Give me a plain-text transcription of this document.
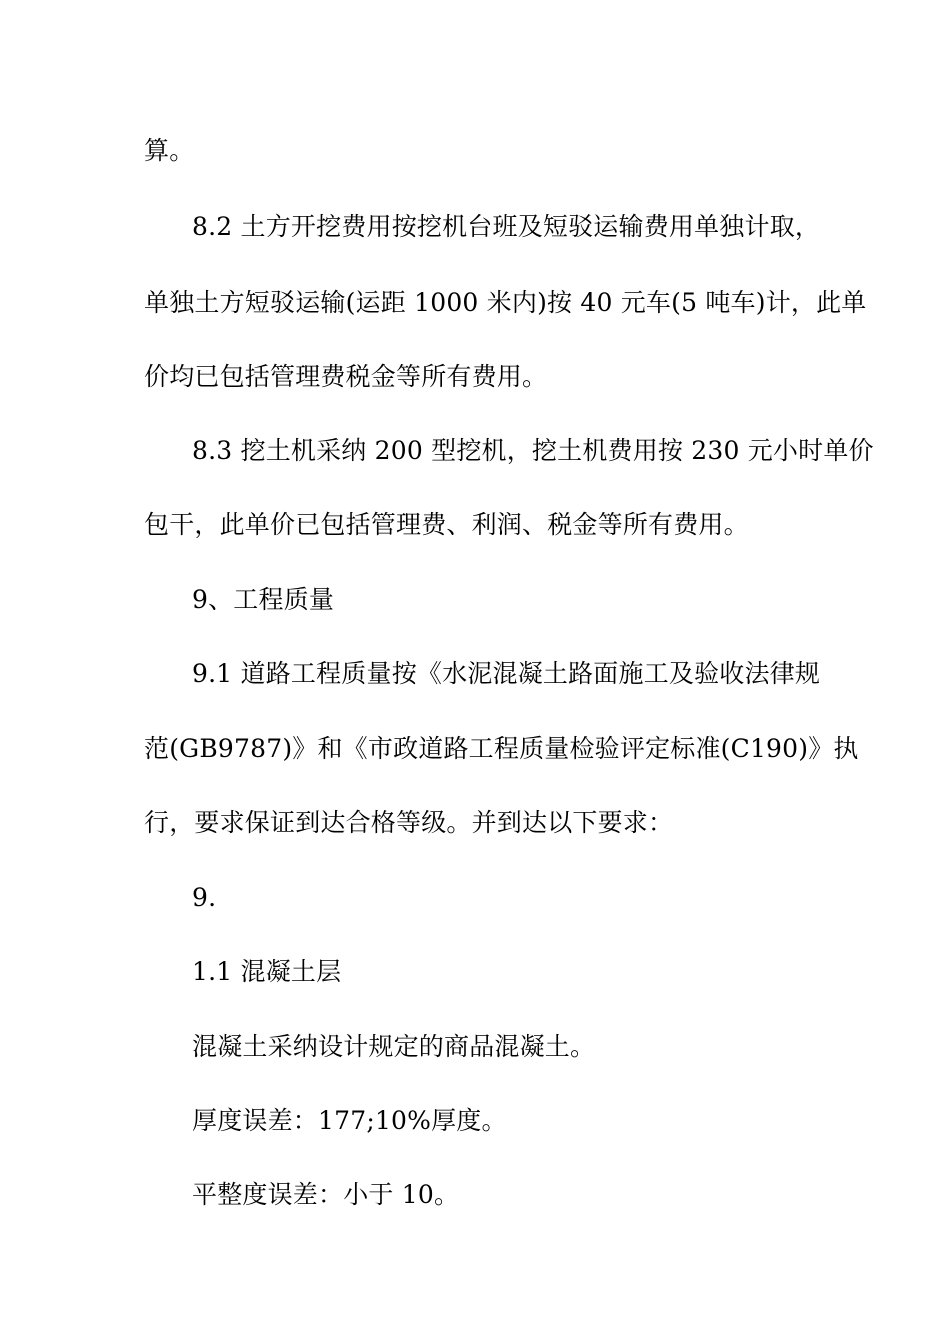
算。
8.2 土方开挖费用按挖机台班及短驳运输费用单独计取，
单独土方短驳运输(运距 1000 米内)按 40 元车(5 吨车)计，此单
价均已包括管理费税金等所有费用。
8.3 挖土机采纳 200 型挖机，挖土机费用按 230 元小时单价
包干，此单价已包括管理费、利润、税金等所有费用。
9、工程质量
9.1 道路工程质量按《水泥混凝土路面施工及验收法律规
范(GB9787)》和《市政道路工程质量检验评定标准(C190)》执
行，要求保证到达合格等级。并到达以下要求：
9.
1.1 混凝土层
混凝土采纳设计规定的商品混凝土。
厚度误差：177;10%厚度。
平整度误差：小于 10。
